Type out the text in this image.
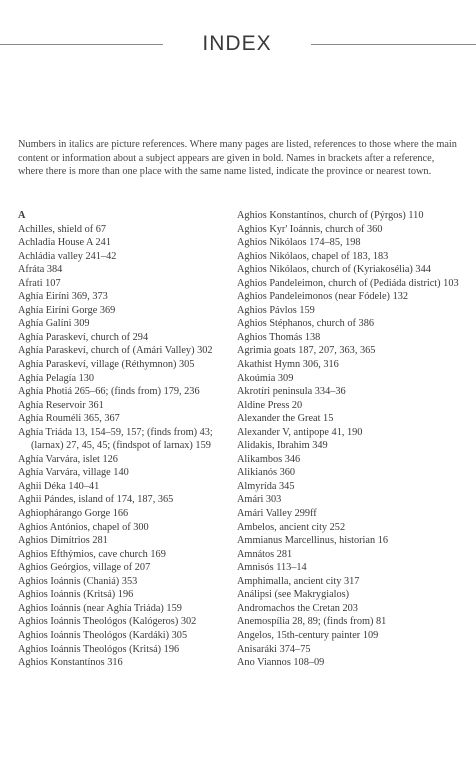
INDEX

Numbers in italics are picture references. Where many pages are listed, references to those where the main content or information about a subject appears are given in bold. Names in brackets after a reference, where there is more than one place with the same name listed, indicate the province or nearest town.

A

Achilles, shield of 67

Achladia House A 241

Achládia valley 241–42

Afráta 384

Afrati 107

Aghía Eiríni 369, 373

Aghía Eiríni Gorge 369

Aghía Galíni 309

Aghía Paraskeví, church of 294

Aghía Paraskeví, church of (Amári Valley) 302

Aghía Paraskeví, village (Réthymnon) 305

Aghía Pelagía 130

Aghía Photiá 265–66; (finds from) 179, 236

Aghía Reservoir 361

Aghía Rouméli 365, 367

Aghía Triáda 13, 154–59, 157; (finds from) 43; (larnax) 27, 45, 45; (findspot of larnax) 159

Aghía Varvára, islet 126

Aghía Varvára, village 140

Aghii Déka 140–41

Aghii Pándes, island of 174, 187, 365

Aghiophárango Gorge 166

Aghios Antónios, chapel of 300

Aghios Dimítrios 281

Aghios Efthýmios, cave church 169

Aghios Geórgios, village of 207

Aghios Ioánnis (Chaniá) 353

Aghios Ioánnis (Kritsá) 196

Aghios Ioánnis (near Aghía Triáda) 159

Aghios Ioánnis Theológos (Kalógeros) 302

Aghios Ioánnis Theológos (Kardáki) 305

Aghios Ioánnis Theológos (Kritsá) 196

Aghios Konstantínos 316

Aghios Konstantínos, church of (Pýrgos) 110

Aghios Kyr' Ioánnis, church of 360

Aghios Nikólaos 174–85, 198

Aghios Nikólaos, chapel of 183, 183

Aghios Nikólaos, church of (Kyriakosélia) 344

Aghios Pandeleimon, church of (Pediáda district) 103

Aghios Pandeleimonos (near Fódele) 132

Aghios Pávlos 159

Aghios Stéphanos, church of 386

Aghios Thomás 138

Agrimia goats 187, 207, 363, 365

Akathist Hymn 306, 316

Akoúmia 309

Akrotíri peninsula 334–36

Aldine Press 20

Alexander the Great 15

Alexander V, antipope 41, 190

Alidakis, Ibrahim 349

Alikambos 346

Alikianós 360

Almyrída 345

Amári 303

Amári Valley 299ff

Ambelos, ancient city 252

Ammianus Marcellinus, historian 16

Amnátos 281

Amnisós 113–14

Amphimalla, ancient city 317

Análipsi (see Makrygialos)

Andromachos the Cretan 203

Anemospília 28, 89; (finds from) 81

Angelos, 15th-century painter 109

Anisaráki 374–75

Ano Viannos 108–09
